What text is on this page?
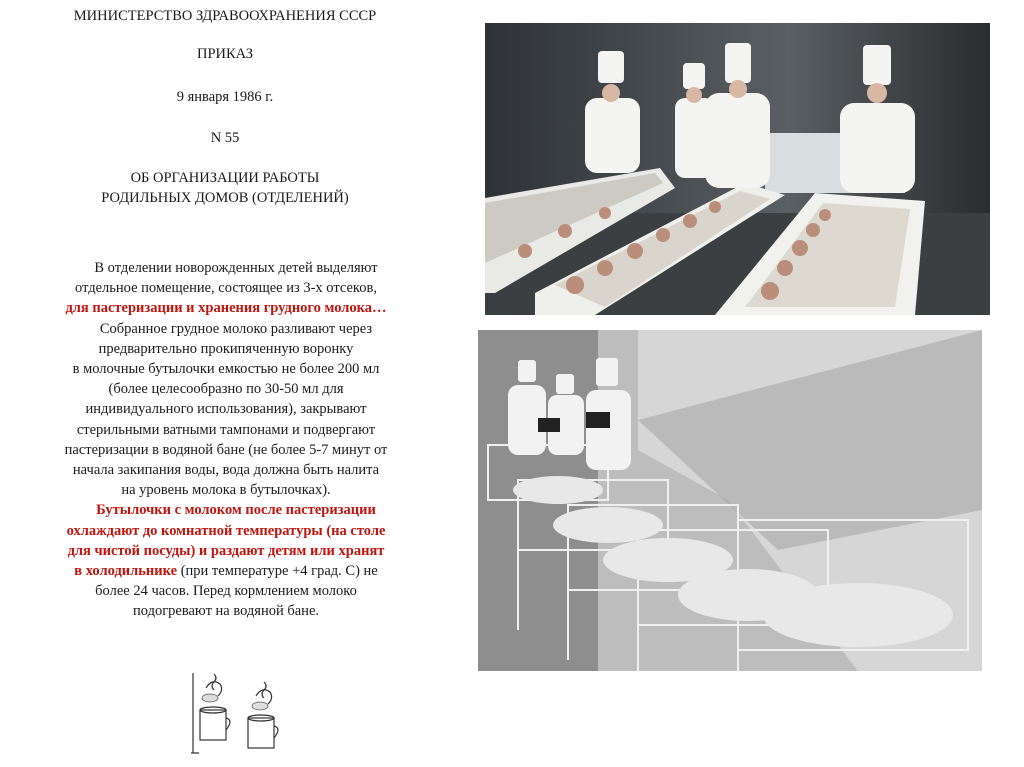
МИНИСТЕРСТВО ЗДРАВООХРАНЕНИЯ СССР
ПРИКАЗ
9 января 1986 г.
N 55
ОБ ОРГАНИЗАЦИИ РАБОТЫ
РОДИЛЬНЫХ ДОМОВ (ОТДЕЛЕНИЙ)
В отделении новорожденных детей выделяют
отдельное помещение, состоящее из 3-х отсеков,
для пастеризации и хранения грудного молока…
Собранное грудное молоко разливают через
предварительно прокипяченную воронку
в молочные бутылочки емкостью не более 200 мл
(более целесообразно по 30-50 мл для
индивидуального использования), закрывают
стерильными ватными тампонами и подвергают
пастеризации в водяной бане (не более 5-7 минут от
начала закипания воды, вода должна быть налита
на уровень молока в бутылочках).
Бутылочки с молоком после пастеризации
охлаждают до комнатной температуры (на столе
для чистой посуды) и раздают детям или хранят
в холодильнике (при температуре +4 град. С) не
более 24 часов. Перед кормлением молоко
подогревают на водяной бане.
